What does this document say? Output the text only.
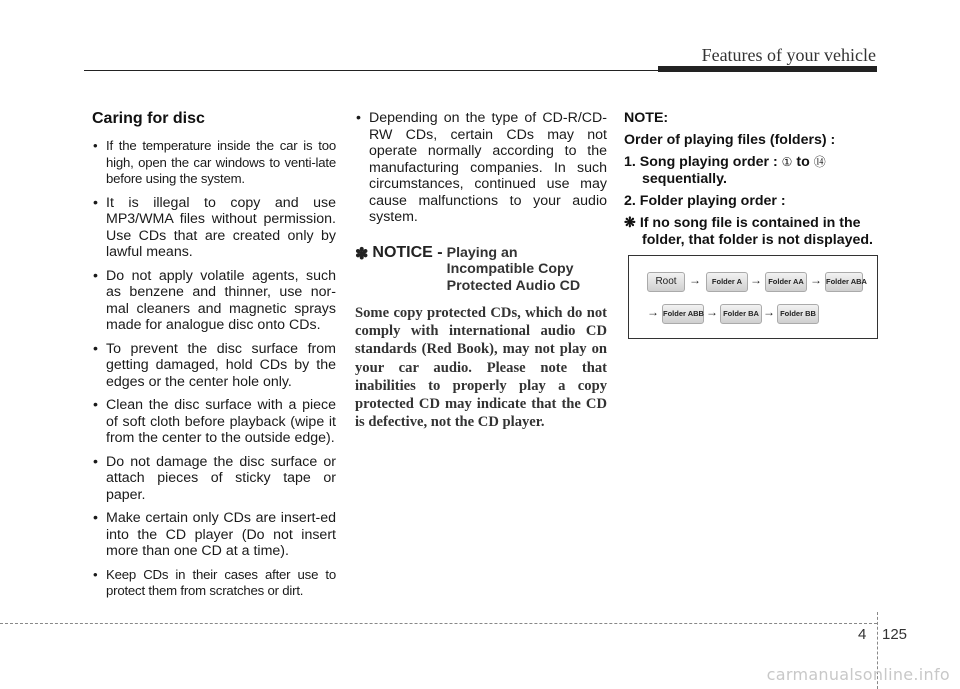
Features of your vehicle
Caring for disc
• If the temperature inside the car is too high, open the car windows to venti-late before using the system.
• It is illegal to copy and use MP3/WMA files without permission. Use CDs that are created only by lawful means.
• Do not apply volatile agents, such as benzene and thinner, use nor-mal cleaners and magnetic sprays made for analogue disc onto CDs.
• To prevent the disc surface from getting damaged, hold CDs by the edges or the center hole only.
• Clean the disc surface with a piece of soft cloth before playback (wipe it from the center to the outside edge).
• Do not damage the disc surface or attach pieces of sticky tape or paper.
• Make certain only CDs are insert-ed into the CD player (Do not insert more than one CD at a time).
• Keep CDs in their cases after use to protect them from scratches or dirt.
• Depending on the type of CD-R/CD-RW CDs, certain CDs may not operate normally according to the manufacturing companies. In such circumstances, continued use may cause malfunctions to your audio system.
✽ NOTICE - Playing an
Incompatible Copy
Protected Audio CD
Some copy protected CDs, which do not comply with international audio CD standards (Red Book), may not play on your car audio. Please note that inabilities to properly play a copy protected CD may indicate that the CD is defective, not the CD player.

NOTE:

Order of playing files (folders) :

1. Song playing order : ① to ⑭
sequentially.

2. Folder playing order :

❋ If no song file is contained in the folder, that folder is not displayed.

Root	→	Folder A → Folder AA → Folder ABA
→ Folder ABB → Folder BA → Folder BB
4 125
carmanualsonline.info
